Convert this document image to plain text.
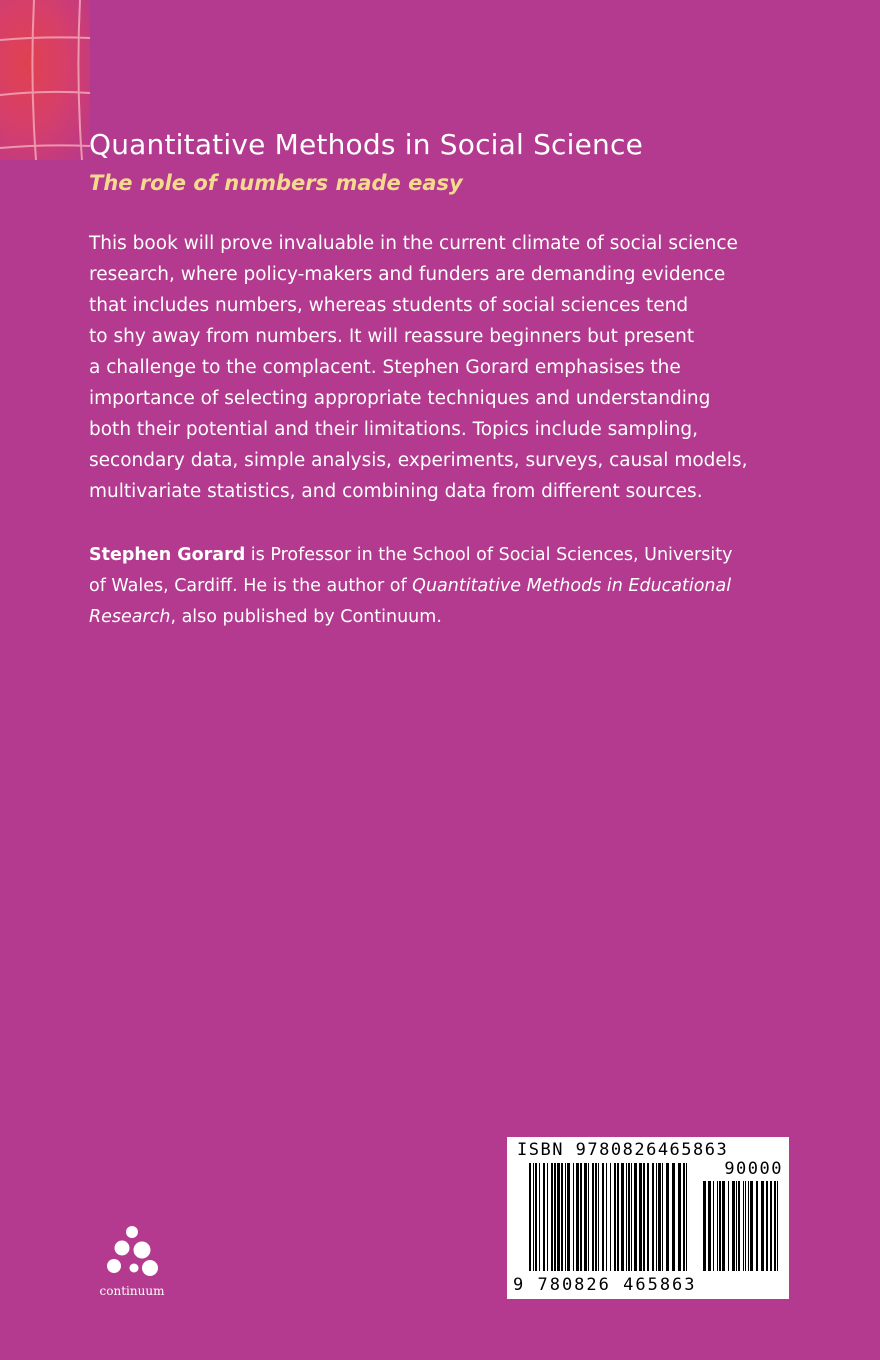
Quantitative Methods in Social Science
The role of numbers made easy

This book will prove invaluable in the current climate of social science
research, where policy-makers and funders are demanding evidence
that includes numbers, whereas students of social sciences tend
to shy away from numbers. It will reassure beginners but present
a challenge to the complacent. Stephen Gorard emphasises the
importance of selecting appropriate techniques and understanding
both their potential and their limitations. Topics include sampling,
secondary data, simple analysis, experiments, surveys, causal models,
multivariate statistics, and combining data from different sources.

Stephen Gorard is Professor in the School of Social Sciences, University
of Wales, Cardiff. He is the author of Quantitative Methods in Educational
Research, also published by Continuum.

continuum
ISBN 9780826465863
90000
9 780826 465863
